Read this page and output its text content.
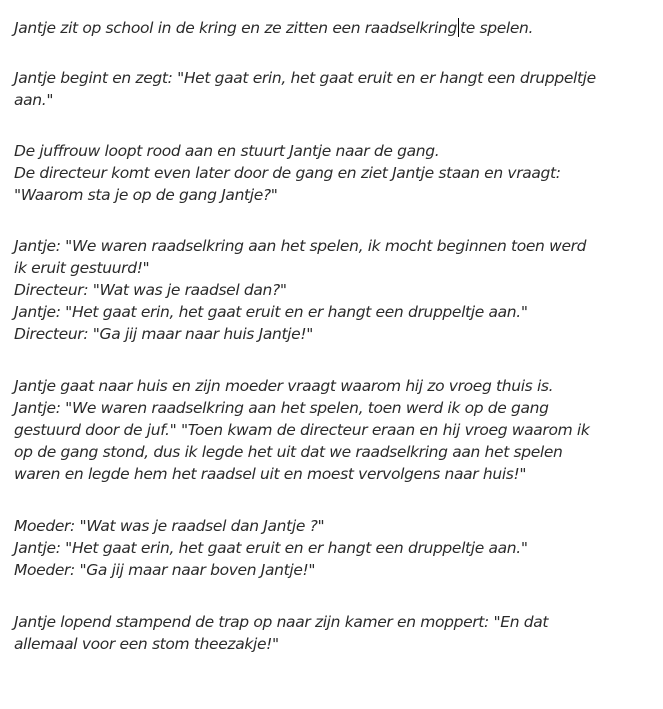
Jantje zit op school in de kring en ze zitten een raadselkring te spelen.
Jantje begint en zegt: "Het gaat erin, het gaat eruit en er hangt een druppeltje
aan."
De juffrouw loopt rood aan en stuurt Jantje naar de gang.
De directeur komt even later door de gang en ziet Jantje staan en vraagt:
"Waarom sta je op de gang Jantje?"
Jantje: "We waren raadselkring aan het spelen, ik mocht beginnen toen werd
ik eruit gestuurd!"
Directeur: "Wat was je raadsel dan?"
Jantje: "Het gaat erin, het gaat eruit en er hangt een druppeltje aan."
Directeur: "Ga jij maar naar huis Jantje!"
Jantje gaat naar huis en zijn moeder vraagt waarom hij zo vroeg thuis is.
Jantje: "We waren raadselkring aan het spelen, toen werd ik op de gang
gestuurd door de juf." "Toen kwam de directeur eraan en hij vroeg waarom ik
op de gang stond, dus ik legde het uit dat we raadselkring aan het spelen
waren en legde hem het raadsel uit en moest vervolgens naar huis!"
Moeder: "Wat was je raadsel dan Jantje ?"
Jantje: "Het gaat erin, het gaat eruit en er hangt een druppeltje aan."
Moeder: "Ga jij maar naar boven Jantje!"
Jantje lopend stampend de trap op naar zijn kamer en moppert: "En dat
allemaal voor een stom theezakje!"
